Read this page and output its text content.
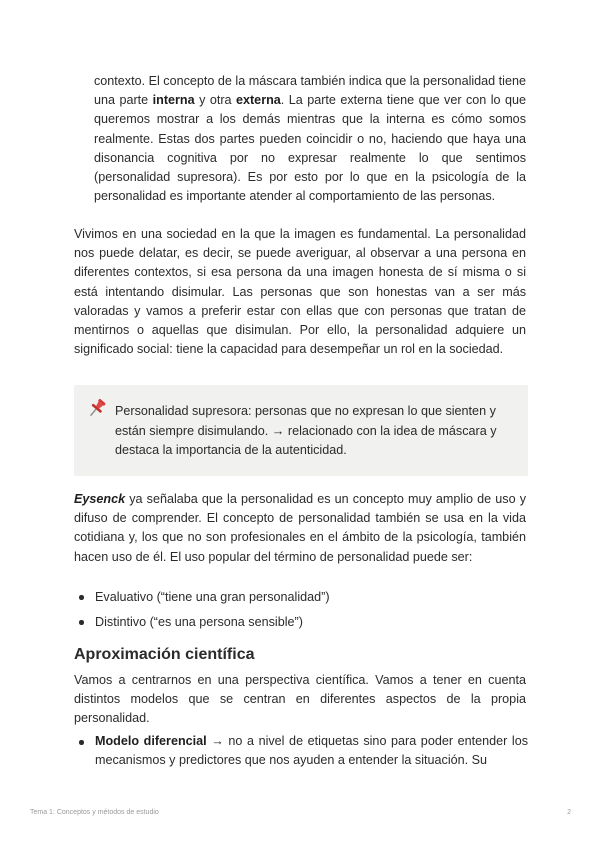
contexto. El concepto de la máscara también indica que la personalidad tiene una parte interna y otra externa. La parte externa tiene que ver con lo que queremos mostrar a los demás mientras que la interna es cómo somos realmente. Estas dos partes pueden coincidir o no, haciendo que haya una disonancia cognitiva por no expresar realmente lo que sentimos (personalidad supresora). Es por esto por lo que en la psicología de la personalidad es importante atender al comportamiento de las personas.

Vivimos en una sociedad en la que la imagen es fundamental. La personalidad nos puede delatar, es decir, se puede averiguar, al observar a una persona en diferentes contextos, si esa persona da una imagen honesta de sí misma o si está intentando disimular. Las personas que son honestas van a ser más valoradas y vamos a preferir estar con ellas que con personas que tratan de mentirnos o aquellas que disimulan. Por ello, la personalidad adquiere un significado social: tiene la capacidad para desempeñar un rol en la sociedad.

Personalidad supresora: personas que no expresan lo que sienten y están siempre disimulando. → relacionado con la idea de máscara y destaca la importancia de la autenticidad.

Eysenck ya señalaba que la personalidad es un concepto muy amplio de uso y difuso de comprender. El concepto de personalidad también se usa en la vida cotidiana y, los que no son profesionales en el ámbito de la psicología, también hacen uso de él. El uso popular del término de personalidad puede ser:

Evaluativo (“tiene una gran personalidad”)
Distintivo (“es una persona sensible”)
Aproximación científica

Vamos a centrarnos en una perspectiva científica. Vamos a tener en cuenta distintos modelos que se centran en diferentes aspectos de la propia personalidad.

Modelo diferencial → no a nivel de etiquetas sino para poder entender los mecanismos y predictores que nos ayuden a entender la situación. Su
Tema 1: Conceptos y métodos de estudio	2
